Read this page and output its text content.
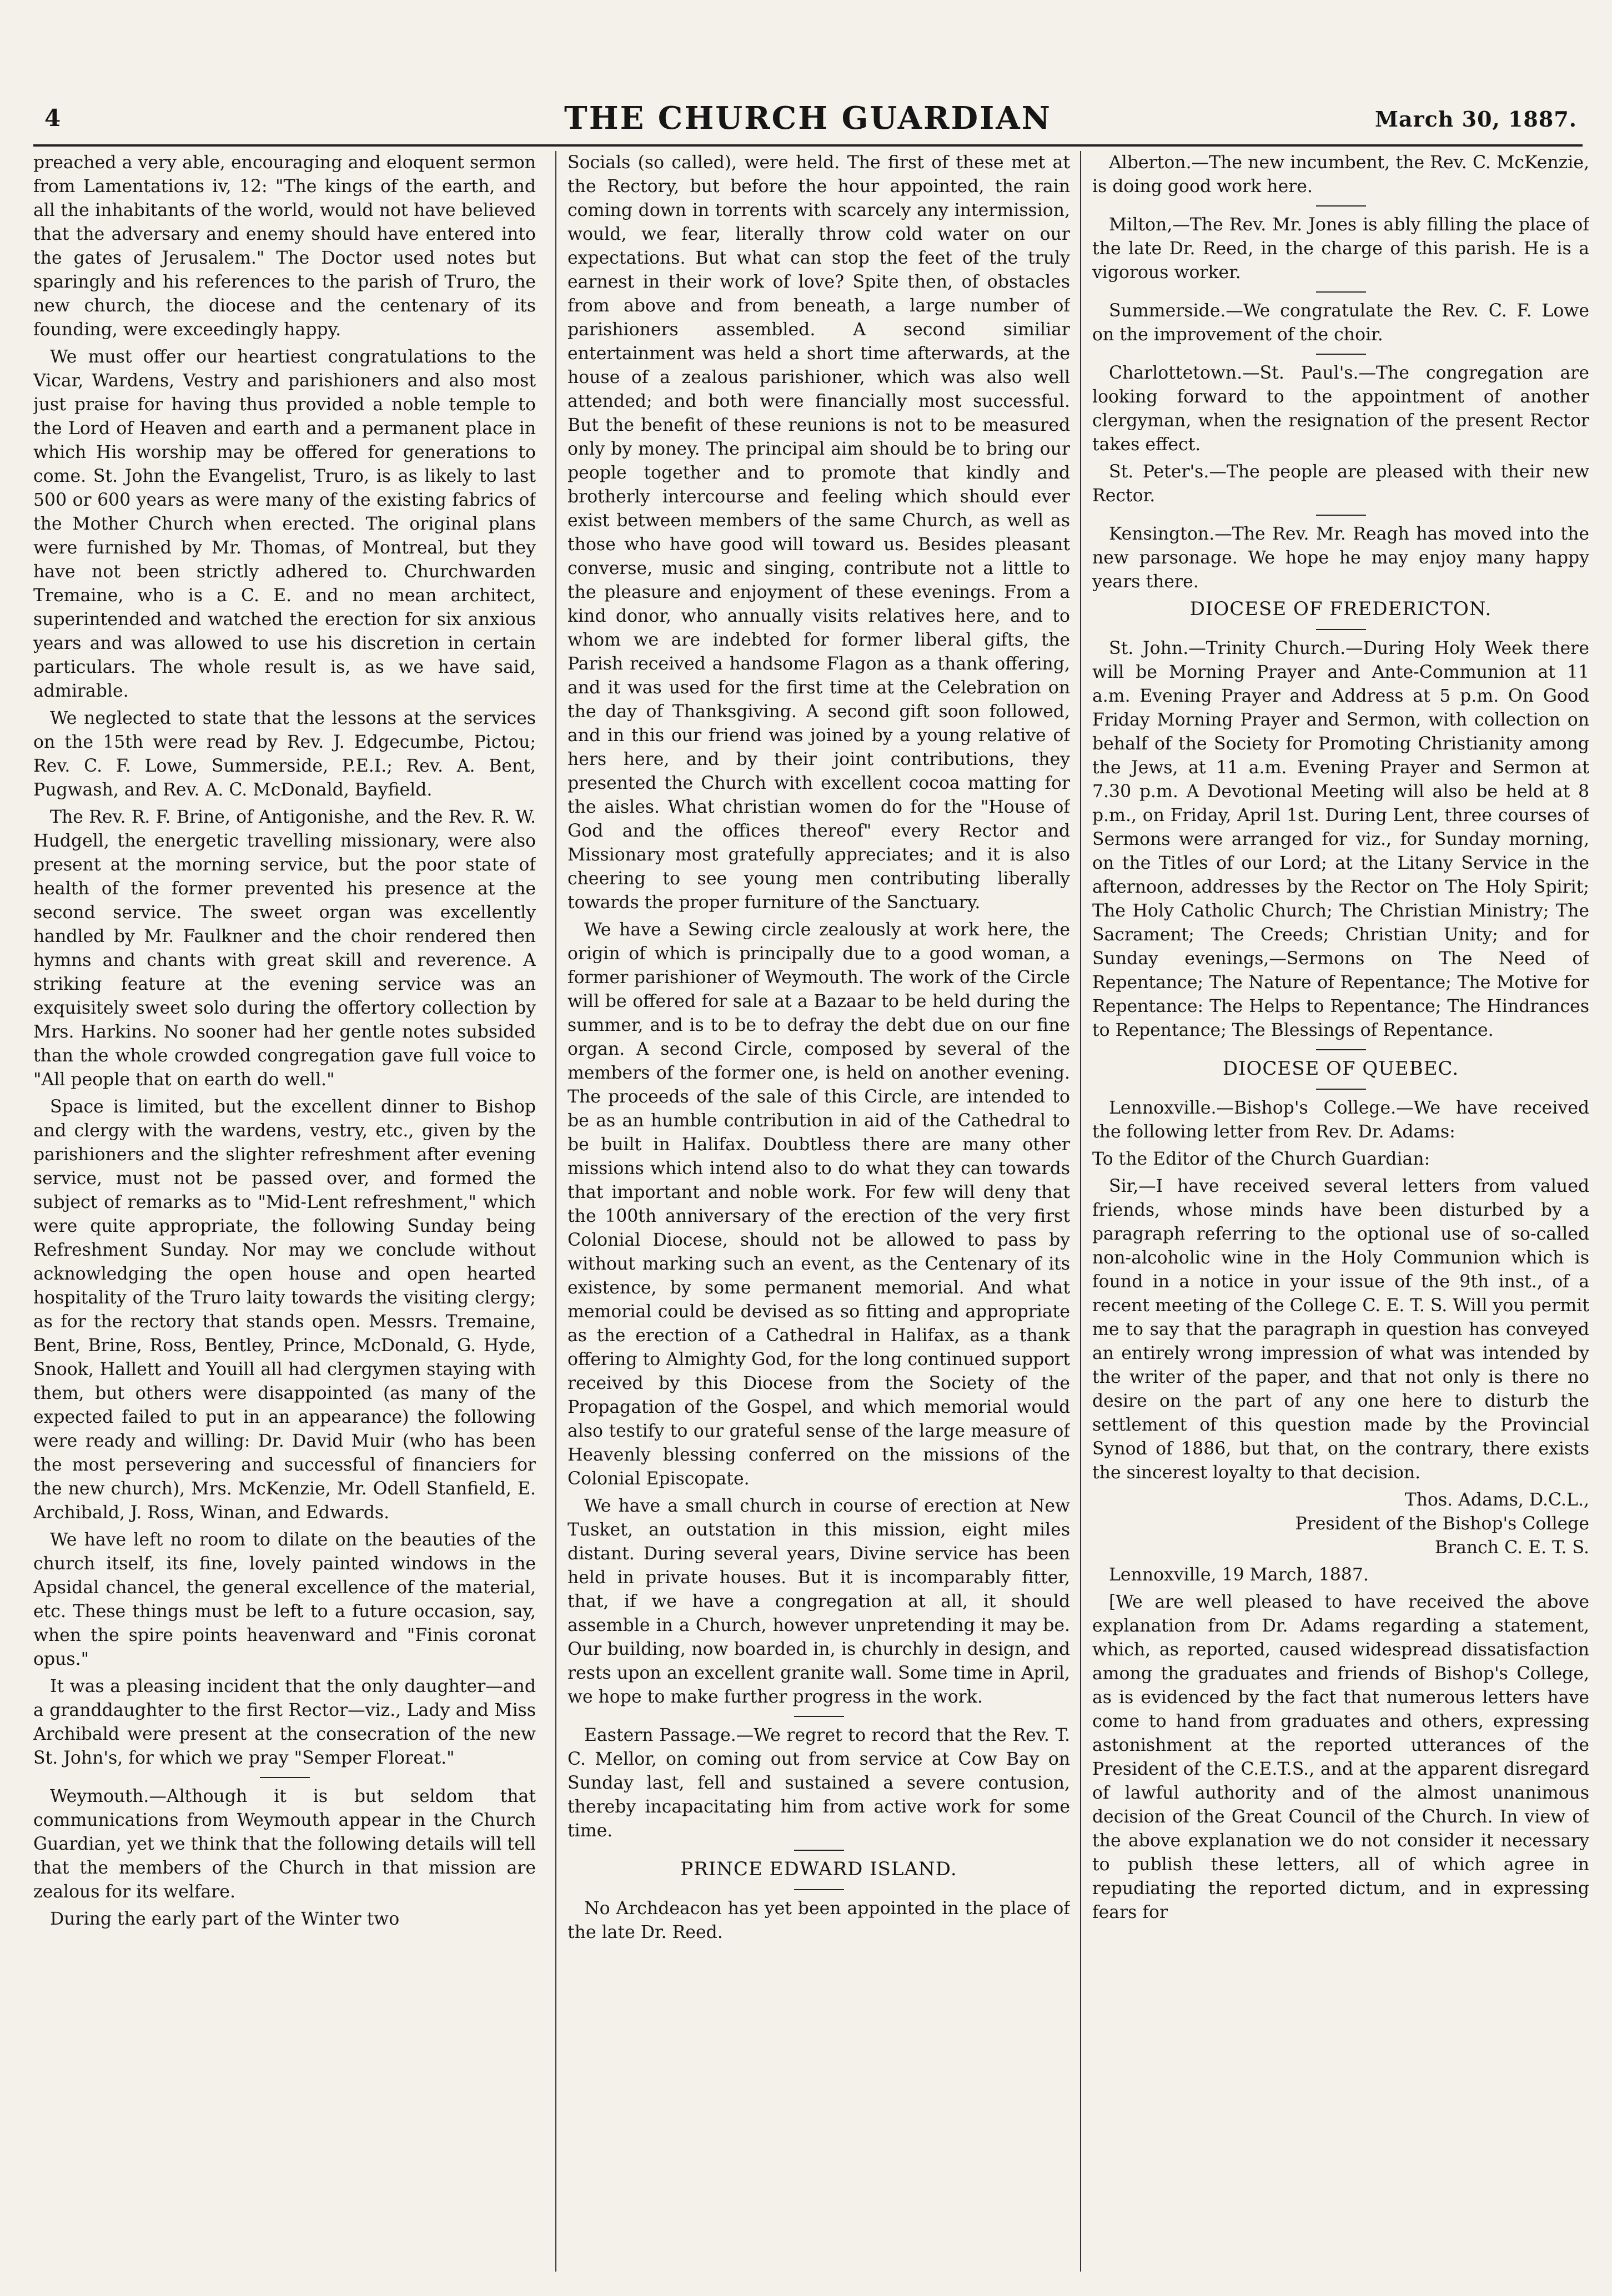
4	THE CHURCH GUARDIAN	March 30, 1887.

preached a very able, encouraging and eloquent sermon from Lamentations iv, 12: "The kings of the earth, and all the inhabitants of the world, would not have believed that the adversary and enemy should have entered into the gates of Jerusalem." The Doctor used notes but sparingly and his references to the parish of Truro, the new church, the diocese and the centenary of its founding, were exceedingly happy.

We must offer our heartiest congratulations to the Vicar, Wardens, Vestry and parishioners and also most just praise for having thus provided a noble temple to the Lord of Heaven and earth and a permanent place in which His worship may be offered for generations to come. St. John the Evangelist, Truro, is as likely to last 500 or 600 years as were many of the existing fabrics of the Mother Church when erected. The original plans were furnished by Mr. Thomas, of Montreal, but they have not been strictly adhered to. Churchwarden Tremaine, who is a C. E. and no mean architect, superintended and watched the erection for six anxious years and was allowed to use his discretion in certain particulars. The whole result is, as we have said, admirable.

We neglected to state that the lessons at the services on the 15th were read by Rev. J. Edgecumbe, Pictou; Rev. C. F. Lowe, Summerside, P.E.I.; Rev. A. Bent, Pugwash, and Rev. A. C. McDonald, Bayfield.

The Rev. R. F. Brine, of Antigonishe, and the Rev. R. W. Hudgell, the energetic travelling missionary, were also present at the morning service, but the poor state of health of the former prevented his presence at the second service. The sweet organ was excellently handled by Mr. Faulkner and the choir rendered then hymns and chants with great skill and reverence. A striking feature at the evening service was an exquisitely sweet solo during the offertory collection by Mrs. Harkins. No sooner had her gentle notes subsided than the whole crowded congregation gave full voice to "All people that on earth do well."

Space is limited, but the excellent dinner to Bishop and clergy with the wardens, vestry, etc., given by the parishioners and the slighter refreshment after evening service, must not be passed over, and formed the subject of remarks as to "Mid-Lent refreshment," which were quite appropriate, the following Sunday being Refreshment Sunday. Nor may we conclude without acknowledging the open house and open hearted hospitality of the Truro laity towards the visiting clergy; as for the rectory that stands open. Messrs. Tremaine, Bent, Brine, Ross, Bentley, Prince, McDonald, G. Hyde, Snook, Hallett and Youill all had clergymen staying with them, but others were disappointed (as many of the expected failed to put in an appearance) the following were ready and willing: Dr. David Muir (who has been the most persevering and successful of financiers for the new church), Mrs. McKenzie, Mr. Odell Stanfield, E. Archibald, J. Ross, Winan, and Edwards.

We have left no room to dilate on the beauties of the church itself, its fine, lovely painted windows in the Apsidal chancel, the general excellence of the material, etc. These things must be left to a future occasion, say, when the spire points heavenward and "Finis coronat opus."

It was a pleasing incident that the only daughter—and a granddaughter to the first Rector—viz., Lady and Miss Archibald were present at the consecration of the new St. John's, for which we pray "Semper Floreat."

Weymouth.—Although it is but seldom that communications from Weymouth appear in the Church Guardian, yet we think that the following details will tell that the members of the Church in that mission are zealous for its welfare.

During the early part of the Winter two

Socials (so called), were held. The first of these met at the Rectory, but before the hour appointed, the rain coming down in torrents with scarcely any intermission, would, we fear, literally throw cold water on our expectations. But what can stop the feet of the truly earnest in their work of love? Spite then, of obstacles from above and from beneath, a large number of parishioners assembled. A second similiar entertainment was held a short time afterwards, at the house of a zealous parishioner, which was also well attended; and both were financially most successful. But the benefit of these reunions is not to be measured only by money. The principal aim should be to bring our people together and to promote that kindly and brotherly intercourse and feeling which should ever exist between members of the same Church, as well as those who have good will toward us. Besides pleasant converse, music and singing, contribute not a little to the pleasure and enjoyment of these evenings. From a kind donor, who annually visits relatives here, and to whom we are indebted for former liberal gifts, the Parish received a handsome Flagon as a thank offering, and it was used for the first time at the Celebration on the day of Thanksgiving. A second gift soon followed, and in this our friend was joined by a young relative of hers here, and by their joint contributions, they presented the Church with excellent cocoa matting for the aisles. What christian women do for the "House of God and the offices thereof" every Rector and Missionary most gratefully appreciates; and it is also cheering to see young men contributing liberally towards the proper furniture of the Sanctuary.

We have a Sewing circle zealously at work here, the origin of which is principally due to a good woman, a former parishioner of Weymouth. The work of the Circle will be offered for sale at a Bazaar to be held during the summer, and is to be to defray the debt due on our fine organ. A second Circle, composed by several of the members of the former one, is held on another evening. The proceeds of the sale of this Circle, are intended to be as an humble contribution in aid of the Cathedral to be built in Halifax. Doubtless there are many other missions which intend also to do what they can towards that important and noble work. For few will deny that the 100th anniversary of the erection of the very first Colonial Diocese, should not be allowed to pass by without marking such an event, as the Centenary of its existence, by some permanent memorial. And what memorial could be devised as so fitting and appropriate as the erection of a Cathedral in Halifax, as a thank offering to Almighty God, for the long continued support received by this Diocese from the Society of the Propagation of the Gospel, and which memorial would also testify to our grateful sense of the large measure of Heavenly blessing conferred on the missions of the Colonial Episcopate.

We have a small church in course of erection at New Tusket, an outstation in this mission, eight miles distant. During several years, Divine service has been held in private houses. But it is incomparably fitter, that, if we have a congregation at all, it should assemble in a Church, however unpretending it may be. Our building, now boarded in, is churchly in design, and rests upon an excellent granite wall. Some time in April, we hope to make further progress in the work.

Eastern Passage.—We regret to record that the Rev. T. C. Mellor, on coming out from service at Cow Bay on Sunday last, fell and sustained a severe contusion, thereby incapacitating him from active work for some time.

PRINCE EDWARD ISLAND.

No Archdeacon has yet been appointed in the place of the late Dr. Reed.

Alberton.—The new incumbent, the Rev. C. McKenzie, is doing good work here.

Milton,—The Rev. Mr. Jones is ably filling the place of the late Dr. Reed, in the charge of this parish. He is a vigorous worker.

Summerside.—We congratulate the Rev. C. F. Lowe on the improvement of the choir.

Charlottetown.—St. Paul's.—The congregation are looking forward to the appointment of another clergyman, when the resignation of the present Rector takes effect.

St. Peter's.—The people are pleased with their new Rector.

Kensington.—The Rev. Mr. Reagh has moved into the new parsonage. We hope he may enjoy many happy years there.

DIOCESE OF FREDERICTON.

St. John.—Trinity Church.—During Holy Week there will be Morning Prayer and Ante-Communion at 11 a.m. Evening Prayer and Address at 5 p.m. On Good Friday Morning Prayer and Sermon, with collection on behalf of the Society for Promoting Christianity among the Jews, at 11 a.m. Evening Prayer and Sermon at 7.30 p.m. A Devotional Meeting will also be held at 8 p.m., on Friday, April 1st. During Lent, three courses of Sermons were arranged for viz., for Sunday morning, on the Titles of our Lord; at the Litany Service in the afternoon, addresses by the Rector on The Holy Spirit; The Holy Catholic Church; The Christian Ministry; The Sacrament; The Creeds; Christian Unity; and for Sunday evenings,—Sermons on The Need of Repentance; The Nature of Repentance; The Motive for Repentance: The Helps to Repentance; The Hindrances to Repentance; The Blessings of Repentance.

DIOCESE OF QUEBEC.

Lennoxville.—Bishop's College.—We have received the following letter from Rev. Dr. Adams:

To the Editor of the Church Guardian:

Sir,—I have received several letters from valued friends, whose minds have been disturbed by a paragraph referring to the optional use of so-called non-alcoholic wine in the Holy Communion which is found in a notice in your issue of the 9th inst., of a recent meeting of the College C. E. T. S. Will you permit me to say that the paragraph in question has conveyed an entirely wrong impression of what was intended by the writer of the paper, and that not only is there no desire on the part of any one here to disturb the settlement of this question made by the Provincial Synod of 1886, but that, on the contrary, there exists the sincerest loyalty to that decision.

Thos. Adams, D.C.L.,

President of the Bishop's College

Branch C. E. T. S.

Lennoxville, 19 March, 1887.

[We are well pleased to have received the above explanation from Dr. Adams regarding a statement, which, as reported, caused widespread dissatisfaction among the graduates and friends of Bishop's College, as is evidenced by the fact that numerous letters have come to hand from graduates and others, expressing astonishment at the reported utterances of the President of the C.E.T.S., and at the apparent disregard of lawful authority and of the almost unanimous decision of the Great Council of the Church. In view of the above explanation we do not consider it necessary to publish these letters, all of which agree in repudiating the reported dictum, and in expressing fears for
